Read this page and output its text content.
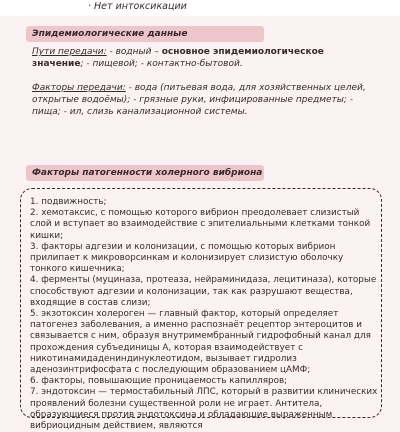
· Нет интоксикации
Эпидемиологические данные
Пути передачи: - водный – основное эпидемиологическое значение; - пищевой; - контактно-бытовой.
Факторы передачи: - вода (питьевая вода, для хозяйственных целей, открытые водоёмы); - грязные руки, инфицированные предметы; - пища; - ил, слизь канализационной системы.
Факторы патогенности холерного вибриона
1. подвижность;
2. хемотаксис, с помощью которого вибрион преодолевает слизистый слой и вступает во взаимодействие с эпителиальными клетками тонкой кишки;
3. факторы адгезии и колонизации, с помощью которых вибрион прилипает к микроворсинкам и колонизирует слизистую оболочку тонкого кишечника;
4. ферменты (муциназа, протеаза, нейраминидаза, лецитиназа), которые способствуют адгезии и колонизации, так как разрушают вещества, входящие в состав слизи;
5. экзотоксин холероген — главный фактор, который определяет патогенез заболевания, а именно распознаёт рецептор энтероцитов и связывается с ним, образуя внутримембранный гидрофобный канал для прохождения субъединицы А, которая взаимодействует с никотинамидадениндинуклеотидом, вызывает гидролиз аденозинтрифосфата с последующим образованием цАМФ;
6. факторы, повышающие проницаемость капилляров;
7. эндотоксин — термостабильный ЛПС, который в развитии клинических проявлений болезни существенной роли не играет. Антитела, образующиеся против эндотоксина и обладающие выраженным вибриоцидным действием, являются
